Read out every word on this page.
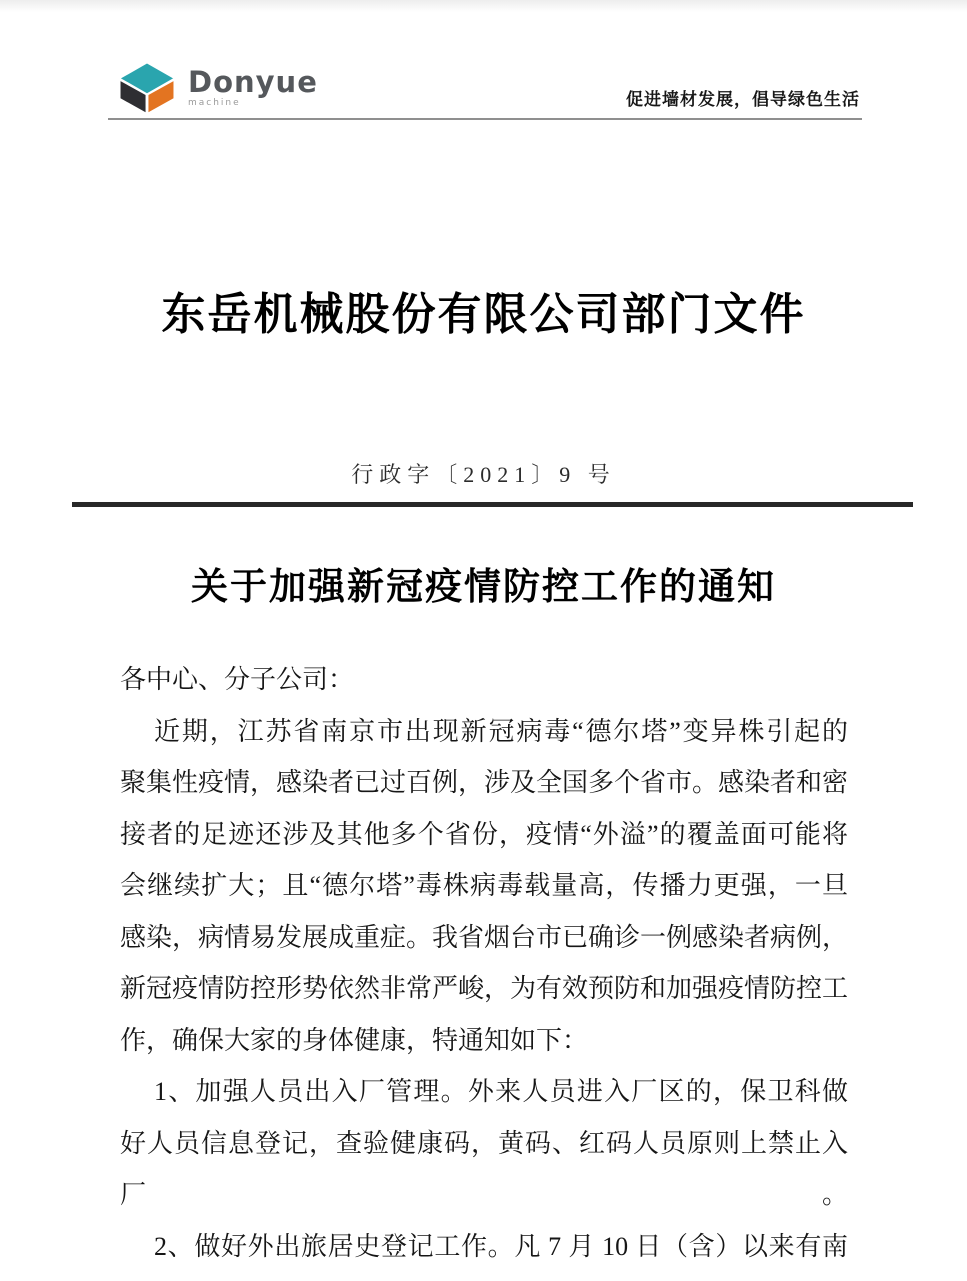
Donyue
machine	促进墙材发展，倡导绿色生活
东岳机械股份有限公司部门文件
行政字〔2021〕9 号
关于加强新冠疫情防控工作的通知
各中心、分子公司：
近期，江苏省南京市出现新冠病毒“德尔塔”变异株引起的
聚集性疫情，感染者已过百例，涉及全国多个省市。感染者和密
接者的足迹还涉及其他多个省份，疫情“外溢”的覆盖面可能将
会继续扩大；且“德尔塔”毒株病毒载量高，传播力更强，一旦
感染，病情易发展成重症。我省烟台市已确诊一例感染者病例，
新冠疫情防控形势依然非常严峻，为有效预防和加强疫情防控工
作，确保大家的身体健康，特通知如下：
1、加强人员出入厂管理。外来人员进入厂区的，保卫科做
好人员信息登记，查验健康码，黄码、红码人员原则上禁止入厂。
2、做好外出旅居史登记工作。凡 7 月 10 日（含）以来有南
